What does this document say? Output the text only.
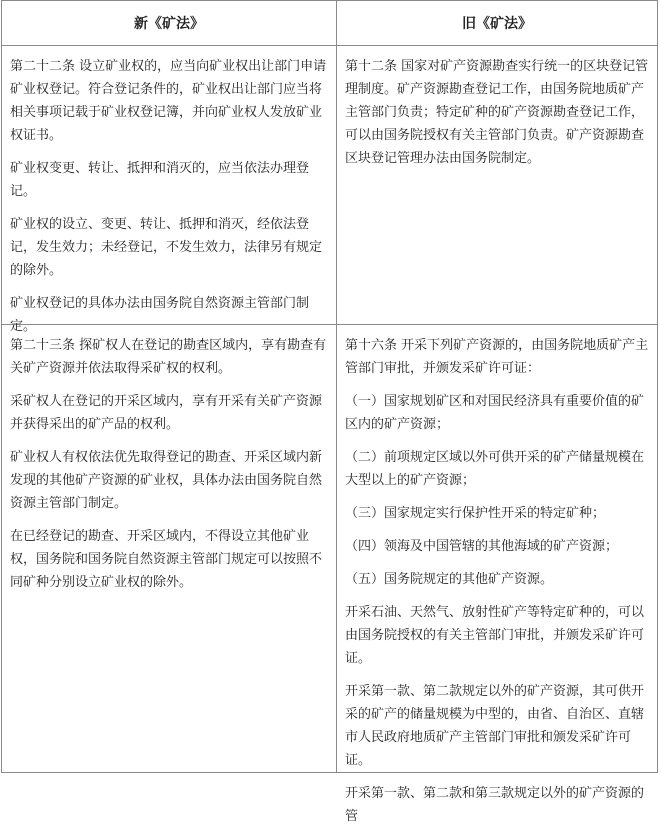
新《矿法》	旧《矿法》

第二十二条 设立矿业权的，应当向矿业权出让部门申请矿业权登记。符合登记条件的，矿业权出让部门应当将相关事项记载于矿业权登记簿，并向矿业权人发放矿业权证书。

矿业权变更、转让、抵押和消灭的，应当依法办理登记。

矿业权的设立、变更、转让、抵押和消灭，经依法登记，发生效力；未经登记，不发生效力，法律另有规定的除外。

矿业权登记的具体办法由国务院自然资源主管部门制定。

第十二条 国家对矿产资源勘查实行统一的区块登记管理制度。矿产资源勘查登记工作，由国务院地质矿产主管部门负责；特定矿种的矿产资源勘查登记工作，可以由国务院授权有关主管部门负责。矿产资源勘查区块登记管理办法由国务院制定。

第二十三条 探矿权人在登记的勘查区域内，享有勘查有关矿产资源并依法取得采矿权的权利。

采矿权人在登记的开采区域内，享有开采有关矿产资源并获得采出的矿产品的权利。

矿业权人有权依法优先取得登记的勘查、开采区域内新发现的其他矿产资源的矿业权，具体办法由国务院自然资源主管部门制定。

在已经登记的勘查、开采区域内，不得设立其他矿业权，国务院和国务院自然资源主管部门规定可以按照不同矿种分别设立矿业权的除外。

第十六条 开采下列矿产资源的，由国务院地质矿产主管部门审批，并颁发采矿许可证：

（一）国家规划矿区和对国民经济具有重要价值的矿区内的矿产资源；

（二）前项规定区域以外可供开采的矿产储量规模在大型以上的矿产资源；

（三）国家规定实行保护性开采的特定矿种；

（四）领海及中国管辖的其他海域的矿产资源；

（五）国务院规定的其他矿产资源。

开采石油、天然气、放射性矿产等特定矿种的，可以由国务院授权的有关主管部门审批，并颁发采矿许可证。

开采第一款、第二款规定以外的矿产资源，其可供开采的矿产的储量规模为中型的，由省、自治区、直辖市人民政府地质矿产主管部门审批和颁发采矿许可证。

开采第一款、第二款和第三款规定以外的矿产资源的管
